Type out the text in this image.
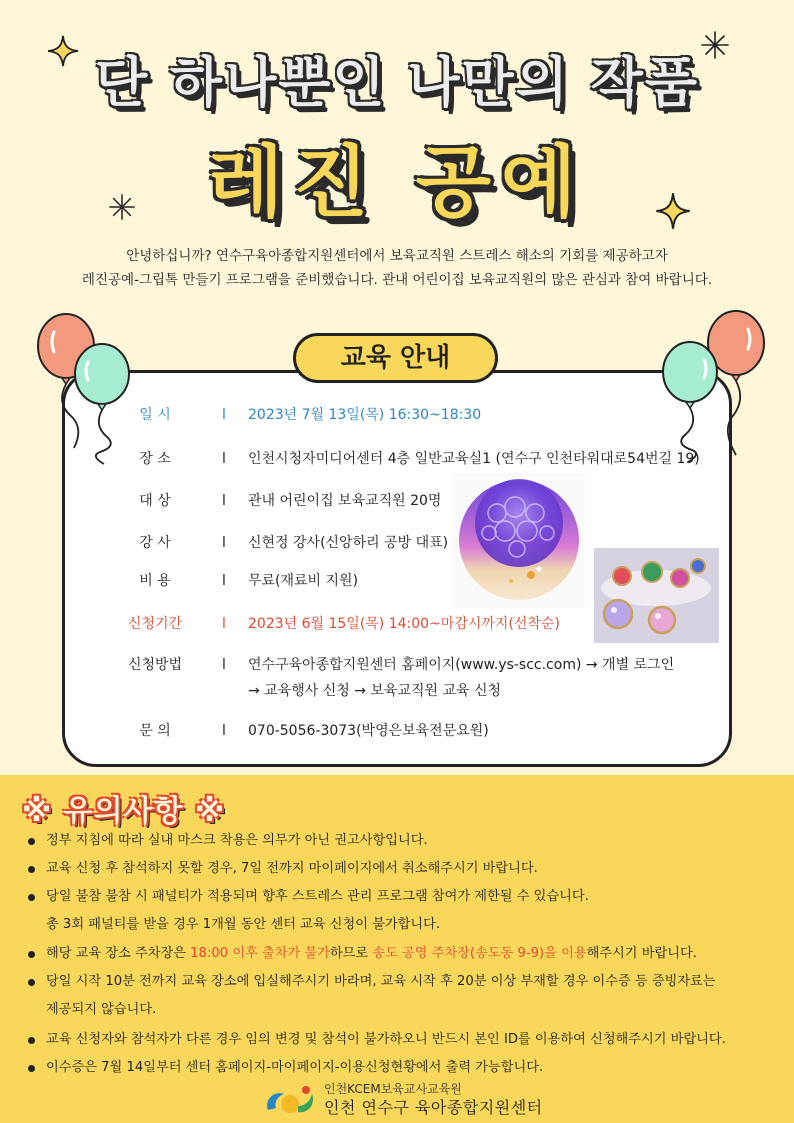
단 하나뿐인 나만의 작품
레진 공예
안녕하십니까? 연수구육아종합지원센터에서 보육교직원 스트레스 해소의 기회를 제공하고자
레진공예-그립톡 만들기 프로그램을 준비했습니다. 관내 어린이집 보육교직원의 많은 관심과 참여 바랍니다.
교육 안내
일 시	l 2023년 7월 13일(목) 16:30~18:30
장 소	l 인천시청자미디어센터 4층 일반교육실1 (연수구 인천타워대로54번길 19)
대 상	l 관내 어린이집 보육교직원 20명
강 사	l 신현정 강사(신앙하리 공방 대표)
비 용	l 무료(재료비 지원)
신청기간	l 2023년 6월 15일(목) 14:00~마감시까지(선착순)
신청방법	l 연수구육아종합지원센터 홈페이지(www.ys-scc.com) → 개별 로그인
→ 교육행사 신청 → 보육교직원 교육 신청
문 의	l 070-5056-3073(박영은보육전문요원)
※ 유의사항 ※
정부 지침에 따라 실내 마스크 착용은 의무가 아닌 권고사항입니다.
교육 신청 후 참석하지 못할 경우, 7일 전까지 마이페이지에서 취소해주시기 바랍니다.
당일 불참 불참 시 패널티가 적용되며 향후 스트레스 관리 프로그램 참여가 제한될 수 있습니다.
총 3회 패널티를 받을 경우 1개월 동안 센터 교육 신청이 불가합니다.
해당 교육 장소 주차장은 18:00 이후 출차가 불가하므로 송도 공영 주차장(송도동 9-9)을 이용해주시기 바랍니다.
당일 시작 10분 전까지 교육 장소에 입실해주시기 바라며, 교육 시작 후 20분 이상 부재할 경우 이수증 등 증빙자료는
제공되지 않습니다.
교육 신청자와 참석자가 다른 경우 임의 변경 및 참석이 불가하오니 반드시 본인 ID를 이용하여 신청해주시기 바랍니다.
이수증은 7월 14일부터 센터 홈페이지-마이페이지-이용신청현황에서 출력 가능합니다.
인천KCEM보육교사교육원
인천 연수구 육아종합지원센터
